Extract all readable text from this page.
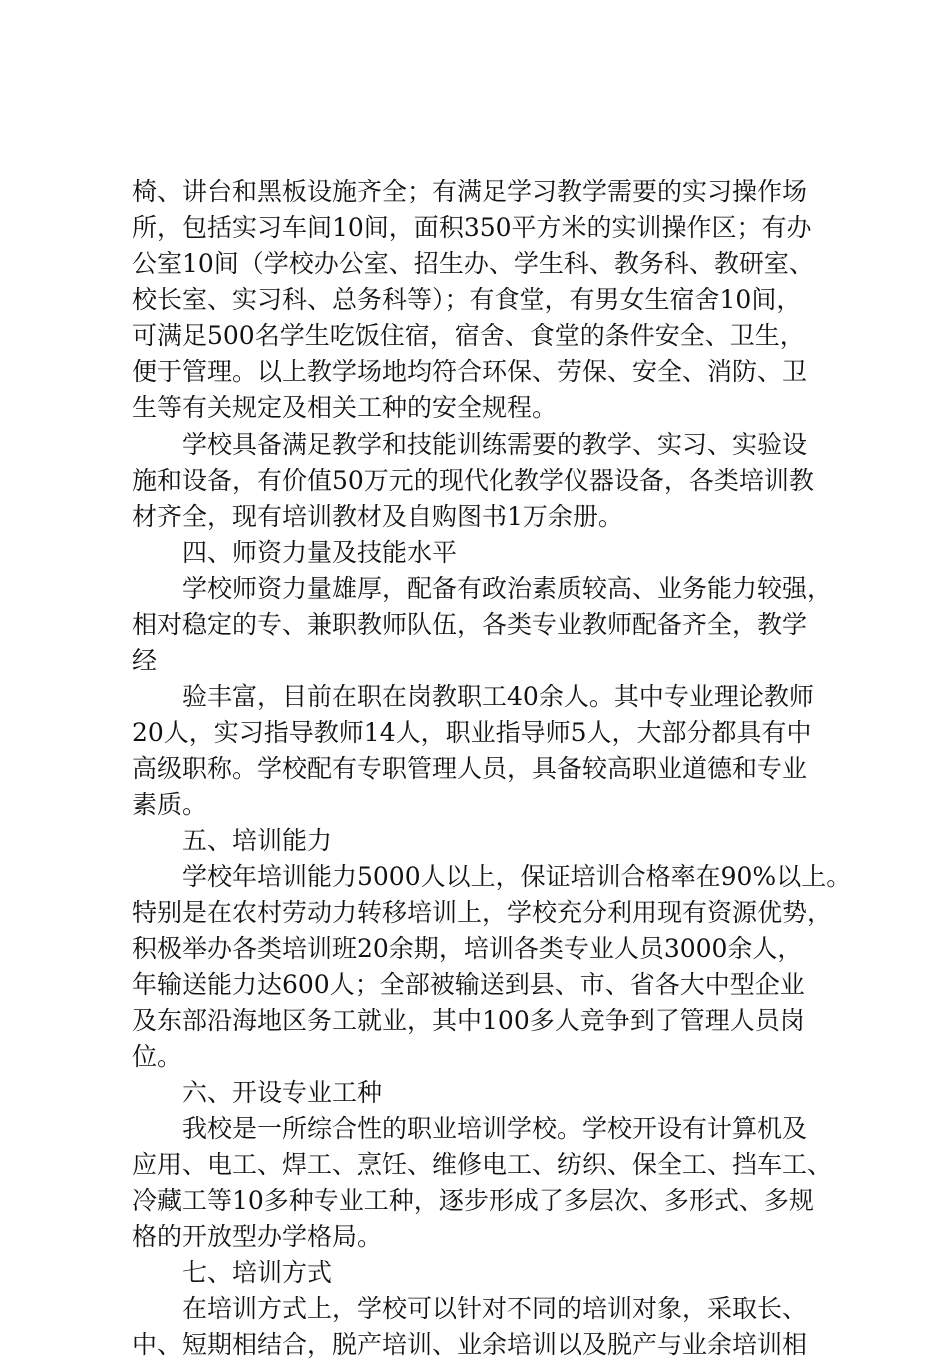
椅、讲台和黑板设施齐全；有满足学习教学需要的实习操作场
所，包括实习车间10间，面积350平方米的实训操作区；有办
公室10间（学校办公室、招生办、学生科、教务科、教研室、
校长室、实习科、总务科等）；有食堂，有男女生宿舍10间，
可满足500名学生吃饭住宿，宿舍、食堂的条件安全、卫生，
便于管理。以上教学场地均符合环保、劳保、安全、消防、卫
生等有关规定及相关工种的安全规程。
学校具备满足教学和技能训练需要的教学、实习、实验设
施和设备，有价值50万元的现代化教学仪器设备，各类培训教
材齐全，现有培训教材及自购图书1万余册。
四、师资力量及技能水平
学校师资力量雄厚，配备有政治素质较高、业务能力较强，
相对稳定的专、兼职教师队伍，各类专业教师配备齐全，教学
经
验丰富，目前在职在岗教职工40余人。其中专业理论教师
20人，实习指导教师14人，职业指导师5人，大部分都具有中
高级职称。学校配有专职管理人员，具备较高职业道德和专业
素质。
五、培训能力
学校年培训能力5000人以上，保证培训合格率在90%以上。
特别是在农村劳动力转移培训上，学校充分利用现有资源优势，
积极举办各类培训班20余期，培训各类专业人员3000余人，
年输送能力达600人；全部被输送到县、市、省各大中型企业
及东部沿海地区务工就业，其中100多人竞争到了管理人员岗
位。
六、开设专业工种
我校是一所综合性的职业培训学校。学校开设有计算机及
应用、电工、焊工、烹饪、维修电工、纺织、保全工、挡车工、
冷藏工等10多种专业工种，逐步形成了多层次、多形式、多规
格的开放型办学格局。
七、培训方式
在培训方式上，学校可以针对不同的培训对象，采取长、
中、短期相结合，脱产培训、业余培训以及脱产与业余培训相
